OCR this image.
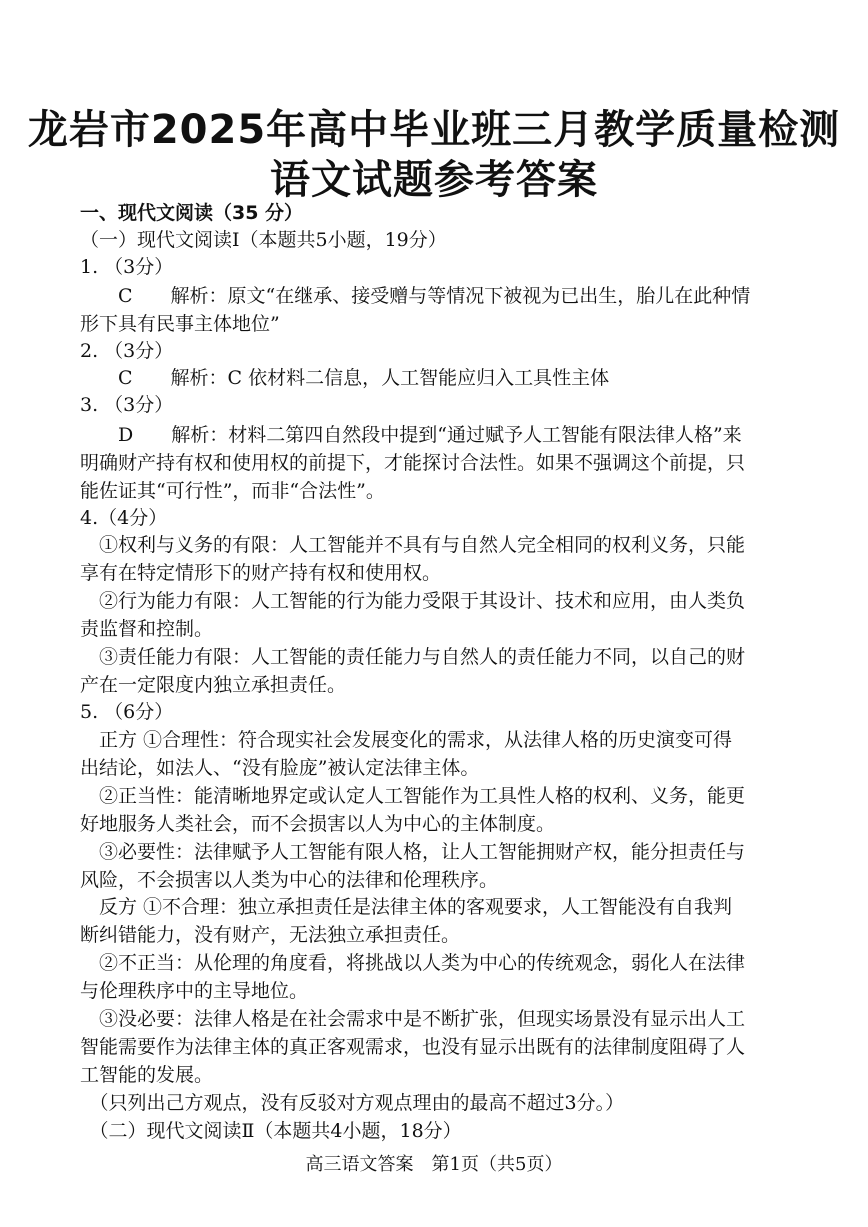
龙岩市2025年高中毕业班三月教学质量检测
语文试题参考答案
一、现代文阅读（35 分）
（一）现代文阅读Ⅰ（本题共5小题，19分）
1. （3分）
　　C　　解析：原文“在继承、接受赠与等情况下被视为已出生，胎儿在此种情
形下具有民事主体地位”
2. （3分）
　　C　　解析：C 依材料二信息，人工智能应归入工具性主体
3. （3分）
　　D　　解析：材料二第四自然段中提到“通过赋予人工智能有限法律人格”来
明确财产持有权和使用权的前提下，才能探讨合法性。如果不强调这个前提，只
能佐证其“可行性”，而非“合法性”。
4.（4分）
　①权利与义务的有限：人工智能并不具有与自然人完全相同的权利义务，只能
享有在特定情形下的财产持有权和使用权。
　②行为能力有限：人工智能的行为能力受限于其设计、技术和应用，由人类负
责监督和控制。
　③责任能力有限：人工智能的责任能力与自然人的责任能力不同，以自己的财
产在一定限度内独立承担责任。
5. （6分）
　正方 ①合理性：符合现实社会发展变化的需求，从法律人格的历史演变可得
出结论，如法人、“没有脸庞”被认定法律主体。
　②正当性：能清晰地界定或认定人工智能作为工具性人格的权利、义务，能更
好地服务人类社会，而不会损害以人为中心的主体制度。
　③必要性：法律赋予人工智能有限人格，让人工智能拥财产权，能分担责任与
风险，不会损害以人类为中心的法律和伦理秩序。
　反方 ①不合理：独立承担责任是法律主体的客观要求，人工智能没有自我判
断纠错能力，没有财产，无法独立承担责任。
　②不正当：从伦理的角度看，将挑战以人类为中心的传统观念，弱化人在法律
与伦理秩序中的主导地位。
　③没必要：法律人格是在社会需求中是不断扩张，但现实场景没有显示出人工
智能需要作为法律主体的真正客观需求，也没有显示出既有的法律制度阻碍了人
工智能的发展。
　（只列出己方观点，没有反驳对方观点理由的最高不超过3分。）
　（二）现代文阅读Ⅱ（本题共4小题，18分）
高三语文答案　第1页（共5页）
